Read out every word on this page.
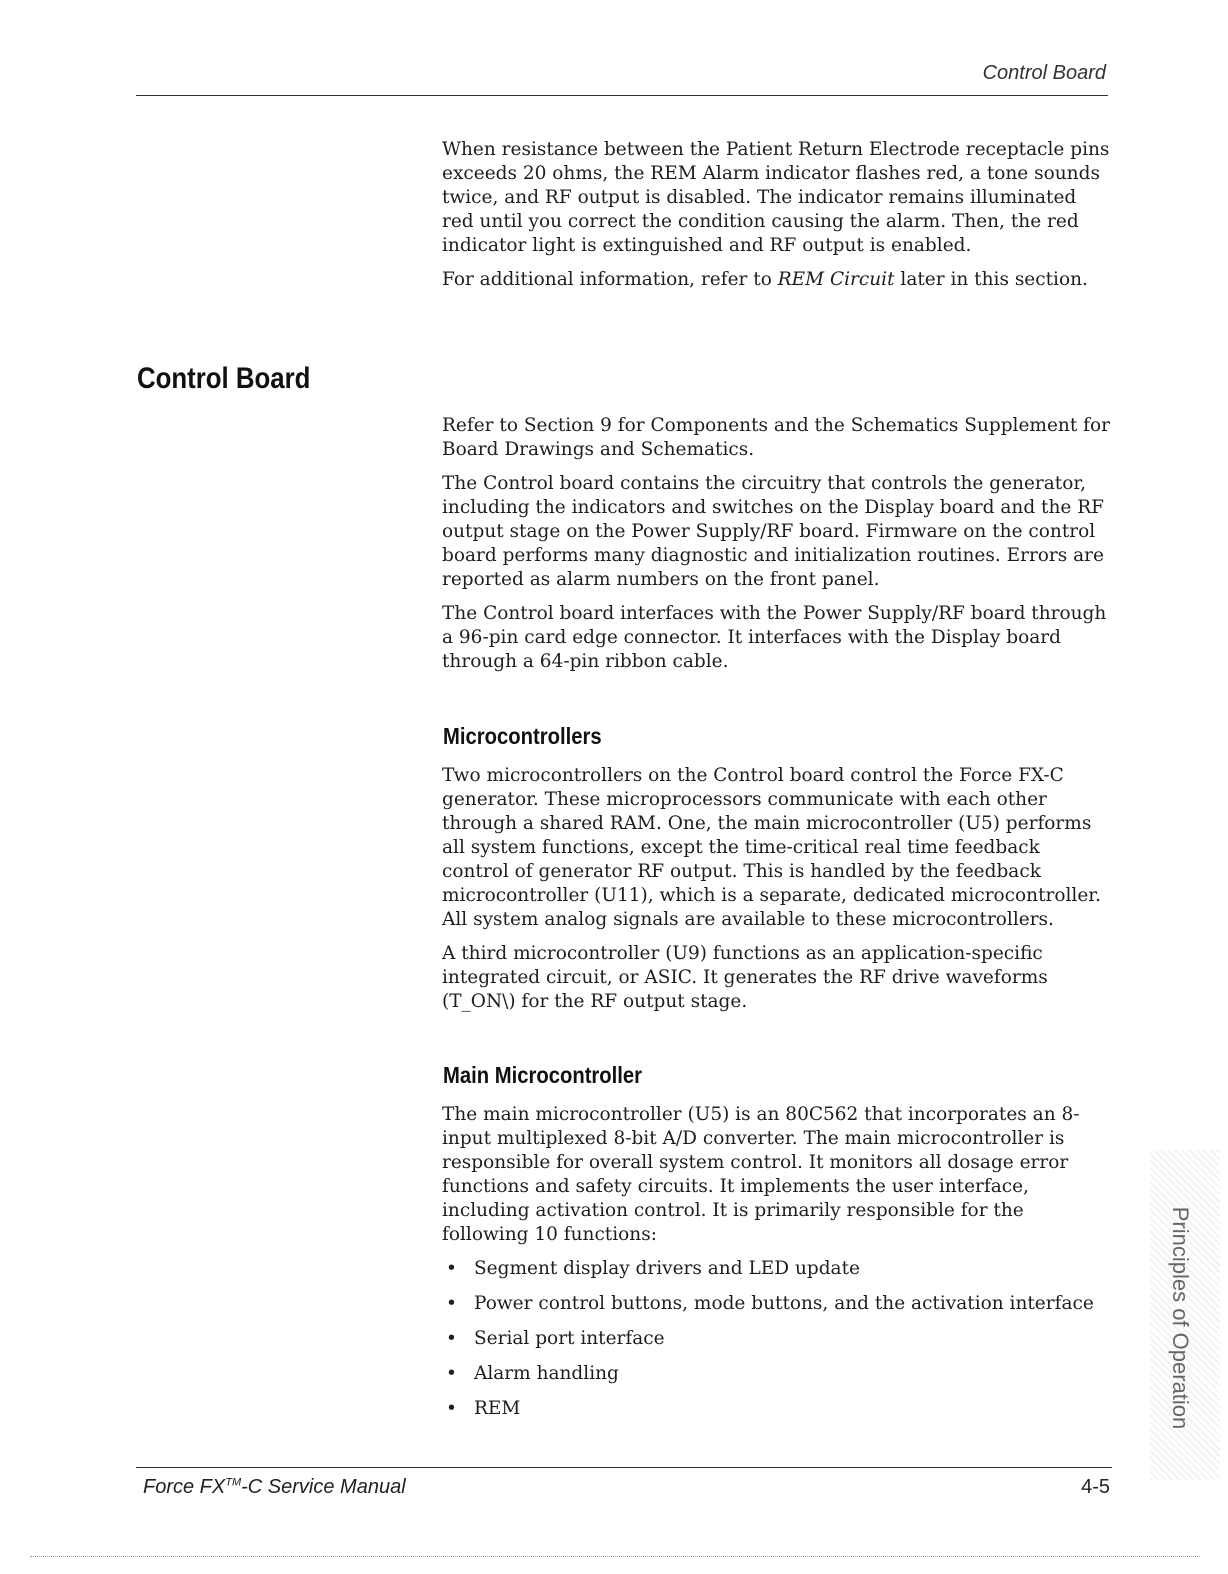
Control Board

When resistance between the Patient Return Electrode receptacle pins exceeds 20 ohms, the REM Alarm indicator flashes red, a tone sounds twice, and RF output is disabled. The indicator remains illuminated red until you correct the condition causing the alarm. Then, the red indicator light is extinguished and RF output is enabled.

For additional information, refer to REM Circuit later in this section.

Control Board

Refer to Section 9 for Components and the Schematics Supplement for Board Drawings and Schematics.

The Control board contains the circuitry that controls the generator, including the indicators and switches on the Display board and the RF output stage on the Power Supply/RF board. Firmware on the control board performs many diagnostic and initialization routines. Errors are reported as alarm numbers on the front panel.

The Control board interfaces with the Power Supply/RF board through a 96-pin card edge connector. It interfaces with the Display board through a 64-pin ribbon cable.

Microcontrollers

Two microcontrollers on the Control board control the Force FX-C generator. These microprocessors communicate with each other through a shared RAM. One, the main microcontroller (U5) performs all system functions, except the time-critical real time feedback control of generator RF output. This is handled by the feedback microcontroller (U11), which is a separate, dedicated microcontroller. All system analog signals are available to these microcontrollers.

A third microcontroller (U9) functions as an application-specific integrated circuit, or ASIC. It generates the RF drive waveforms (T_ON\) for the RF output stage.

Main Microcontroller

The main microcontroller (U5) is an 80C562 that incorporates an 8-input multiplexed 8-bit A/D converter. The main microcontroller is responsible for overall system control. It monitors all dosage error functions and safety circuits. It implements the user interface, including activation control. It is primarily responsible for the following 10 functions:

• Segment display drivers and LED update
• Power control buttons, mode buttons, and the activation interface
• Serial port interface
• Alarm handling
• REM	Principles of Operation
Force FX™-C Service Manual	4-5
